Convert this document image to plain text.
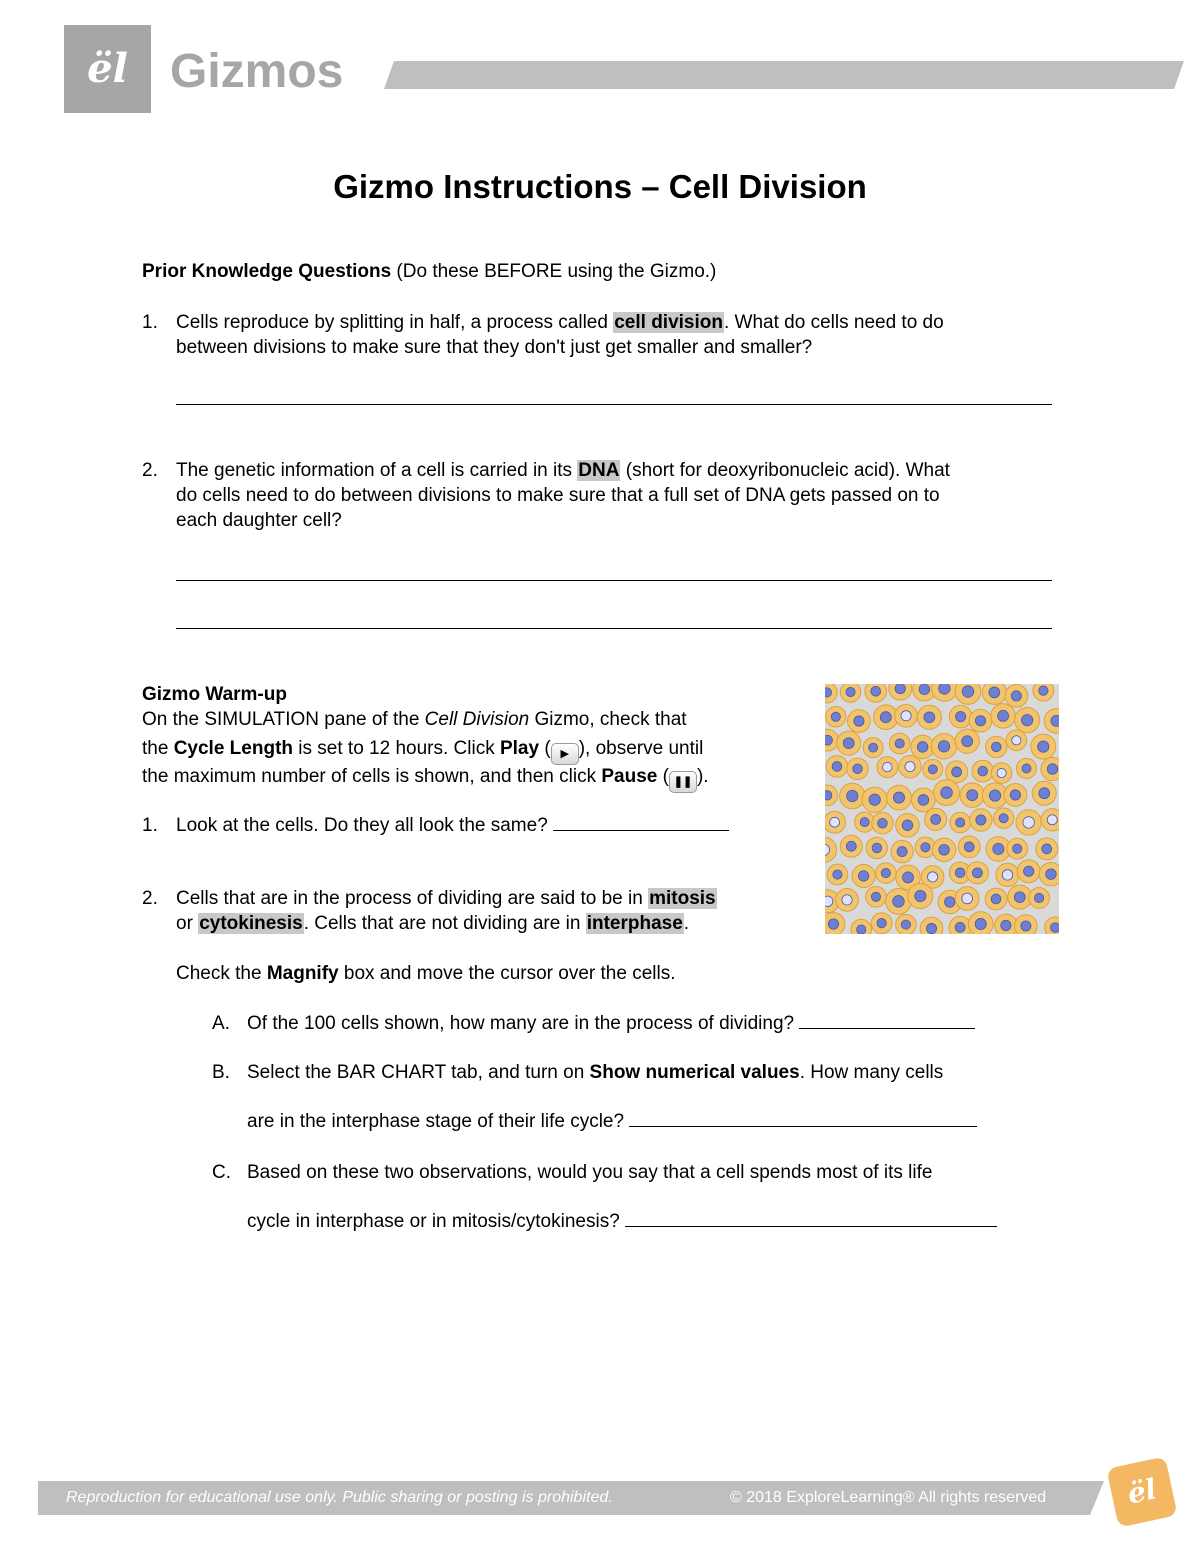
ël Gizmos
Gizmo Instructions – Cell Division
Prior Knowledge Questions (Do these BEFORE using the Gizmo.)
1. Cells reproduce by splitting in half, a process called cell division. What do cells need to do
between divisions to make sure that they don't just get smaller and smaller?
2. The genetic information of a cell is carried in its DNA (short for deoxyribonucleic acid). What
do cells need to do between divisions to make sure that a full set of DNA gets passed on to
each daughter cell?
Gizmo Warm-up
On the SIMULATION pane of the Cell Division Gizmo, check that
the Cycle Length is set to 12 hours. Click Play ( ▶ ), observe until
the maximum number of cells is shown, and then click Pause ( ❚❚ ).
1. Look at the cells. Do they all look the same?
2. Cells that are in the process of dividing are said to be in mitosis
or cytokinesis. Cells that are not dividing are in interphase.
Check the Magnify box and move the cursor over the cells.
A. Of the 100 cells shown, how many are in the process of dividing?
B. Select the BAR CHART tab, and turn on Show numerical values. How many cells
are in the interphase stage of their life cycle?
C. Based on these two observations, would you say that a cell spends most of its life
cycle in interphase or in mitosis/cytokinesis?
Reproduction for educational use only. Public sharing or posting is prohibited.	© 2018 ExploreLearning® All rights reserved	ël
